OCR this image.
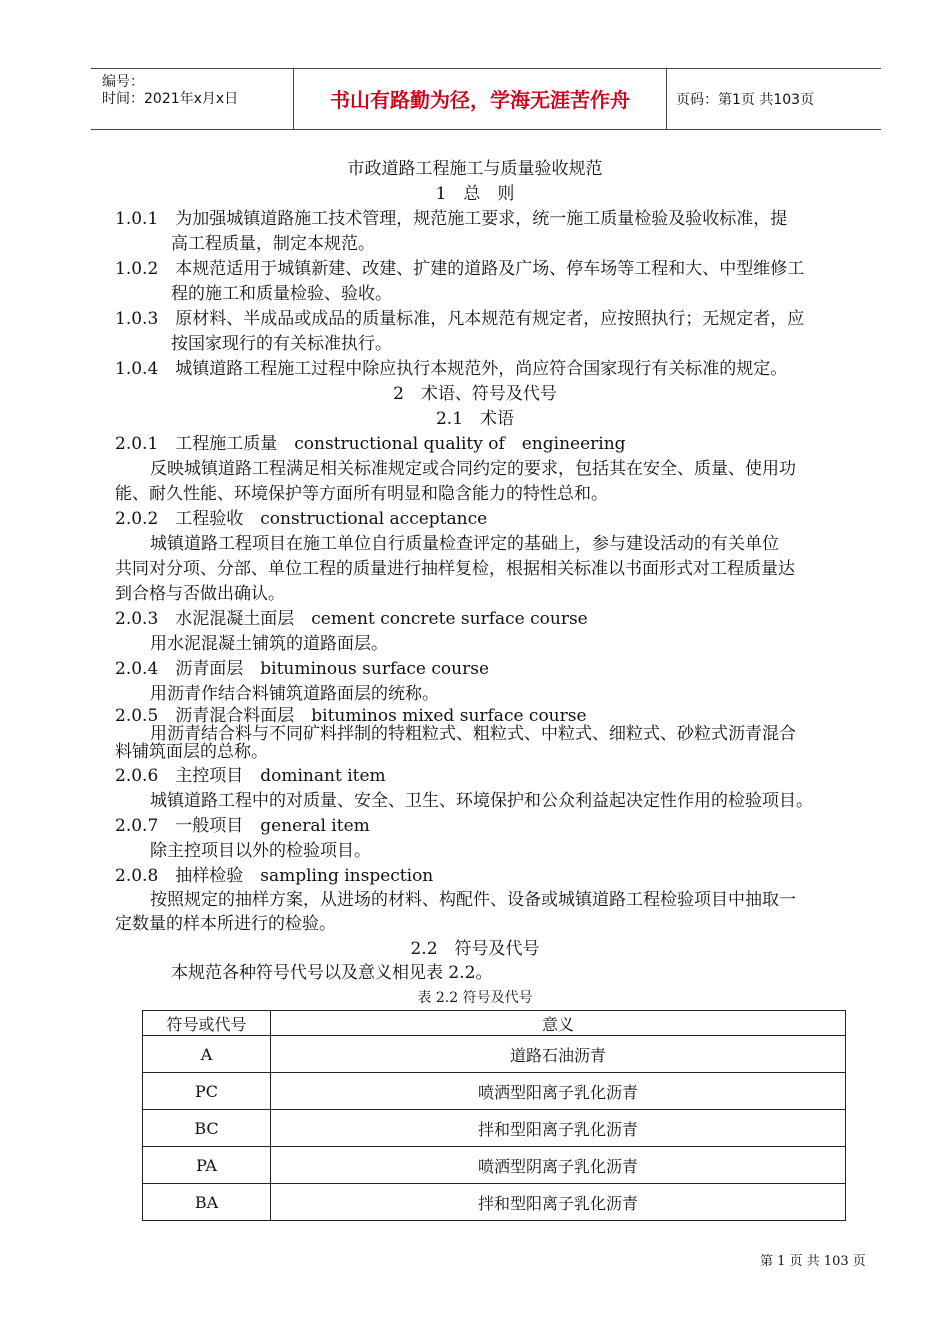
编号：
时间：2021年x月x日	书山有路勤为径，学海无涯苦作舟	页码：第1页 共103页
市政道路工程施工与质量验收规范
1　总　则
1.0.1　为加强城镇道路施工技术管理，规范施工要求，统一施工质量检验及验收标准，提
高工程质量，制定本规范。
1.0.2　本规范适用于城镇新建、改建、扩建的道路及广场、停车场等工程和大、中型维修工
程的施工和质量检验、验收。
1.0.3　原材料、半成品或成品的质量标准，凡本规范有规定者，应按照执行；无规定者，应
按国家现行的有关标准执行。
1.0.4　城镇道路工程施工过程中除应执行本规范外，尚应符合国家现行有关标准的规定。
2　术语、符号及代号
2.1　术语
2.0.1　工程施工质量　constructional quality of　engineering
反映城镇道路工程满足相关标准规定或合同约定的要求，包括其在安全、质量、使用功
能、耐久性能、环境保护等方面所有明显和隐含能力的特性总和。
2.0.2　工程验收　constructional acceptance
城镇道路工程项目在施工单位自行质量检查评定的基础上，参与建设活动的有关单位
共同对分项、分部、单位工程的质量进行抽样复检，根据相关标准以书面形式对工程质量达
到合格与否做出确认。
2.0.3　水泥混凝土面层　cement concrete surface course
用水泥混凝土铺筑的道路面层。
2.0.4　沥青面层　bituminous surface course
用沥青作结合料铺筑道路面层的统称。
2.0.5　沥青混合料面层　bituminos mixed surface course
用沥青结合料与不同矿料拌制的特粗粒式、粗粒式、中粒式、细粒式、砂粒式沥青混合
料铺筑面层的总称。
2.0.6　主控项目　dominant item
城镇道路工程中的对质量、安全、卫生、环境保护和公众利益起决定性作用的检验项目。
2.0.7　一般项目　general item
除主控项目以外的检验项目。
2.0.8　抽样检验　sampling inspection
按照规定的抽样方案，从进场的材料、构配件、设备或城镇道路工程检验项目中抽取一
定数量的样本所进行的检验。
2.2　符号及代号
本规范各种符号代号以及意义相见表 2.2。
表 2.2 符号及代号
符号或代号	意义
A	道路石油沥青
PC	喷洒型阳离子乳化沥青
BC	拌和型阳离子乳化沥青
PA	喷洒型阴离子乳化沥青
BA	拌和型阳离子乳化沥青
第 1 页 共 103 页
